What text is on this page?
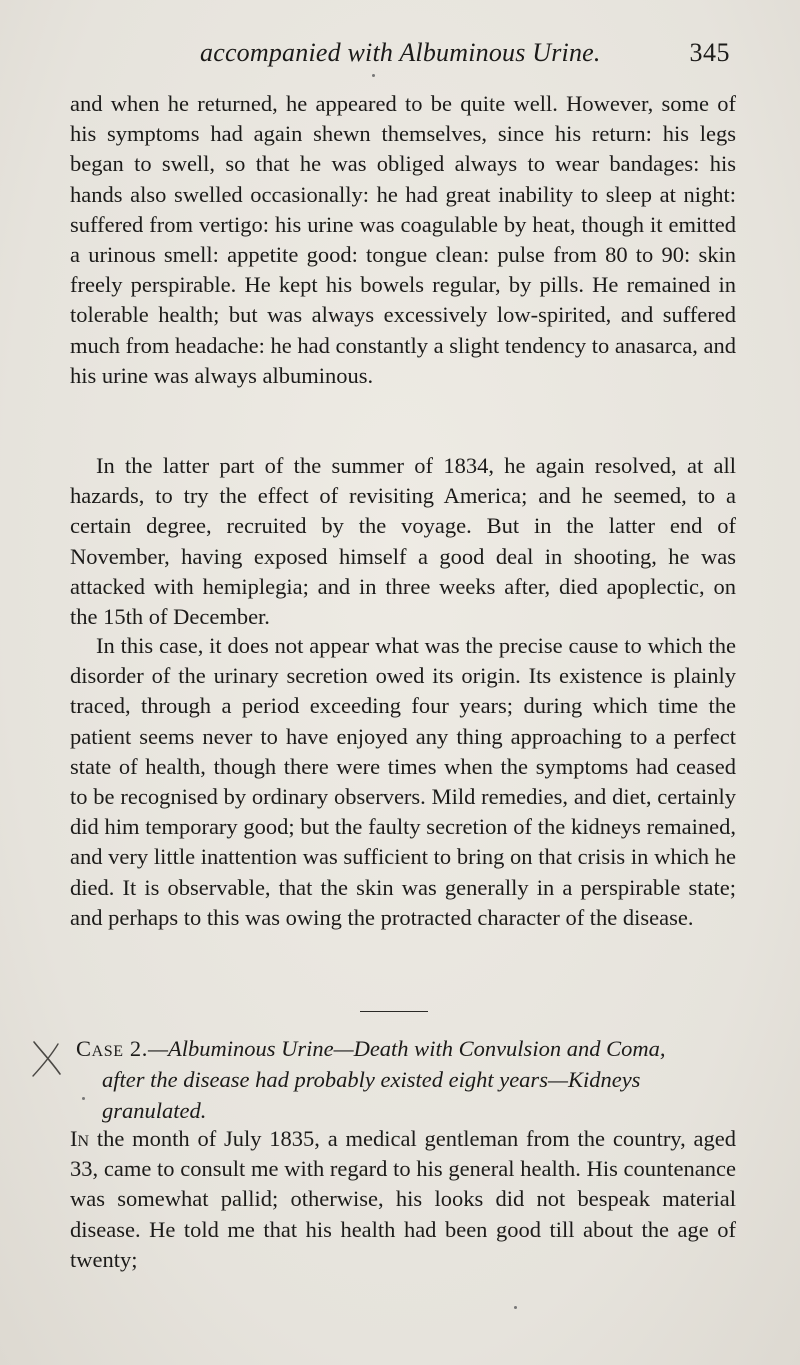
accompanied with Albuminous Urine.	345

and when he returned, he appeared to be quite well. However, some of his symptoms had again shewn themselves, since his return: his legs began to swell, so that he was obliged always to wear bandages: his hands also swelled occasionally: he had great inability to sleep at night: suffered from vertigo: his urine was coagulable by heat, though it emitted a urinous smell: appetite good: tongue clean: pulse from 80 to 90: skin freely perspirable. He kept his bowels regular, by pills. He remained in tolerable health; but was always excessively low-spirited, and suffered much from headache: he had constantly a slight tendency to anasarca, and his urine was always albuminous.

In the latter part of the summer of 1834, he again resolved, at all hazards, to try the effect of revisiting America; and he seemed, to a certain degree, recruited by the voyage. But in the latter end of November, having exposed himself a good deal in shooting, he was attacked with hemiplegia; and in three weeks after, died apoplectic, on the 15th of December.

In this case, it does not appear what was the precise cause to which the disorder of the urinary secretion owed its origin. Its existence is plainly traced, through a period exceeding four years; during which time the patient seems never to have enjoyed any thing approaching to a perfect state of health, though there were times when the symptoms had ceased to be recognised by ordinary observers. Mild remedies, and diet, certainly did him temporary good; but the faulty secretion of the kidneys remained, and very little inattention was sufficient to bring on that crisis in which he died. It is observable, that the skin was generally in a perspirable state; and perhaps to this was owing the protracted character of the disease.

Case 2.—Albuminous Urine—Death with Convulsion and Coma,
after the disease had probably existed eight years—Kidneys
granulated.

In the month of July 1835, a medical gentleman from the country, aged 33, came to consult me with regard to his general health. His countenance was somewhat pallid; otherwise, his looks did not bespeak material disease. He told me that his health had been good till about the age of twenty;
